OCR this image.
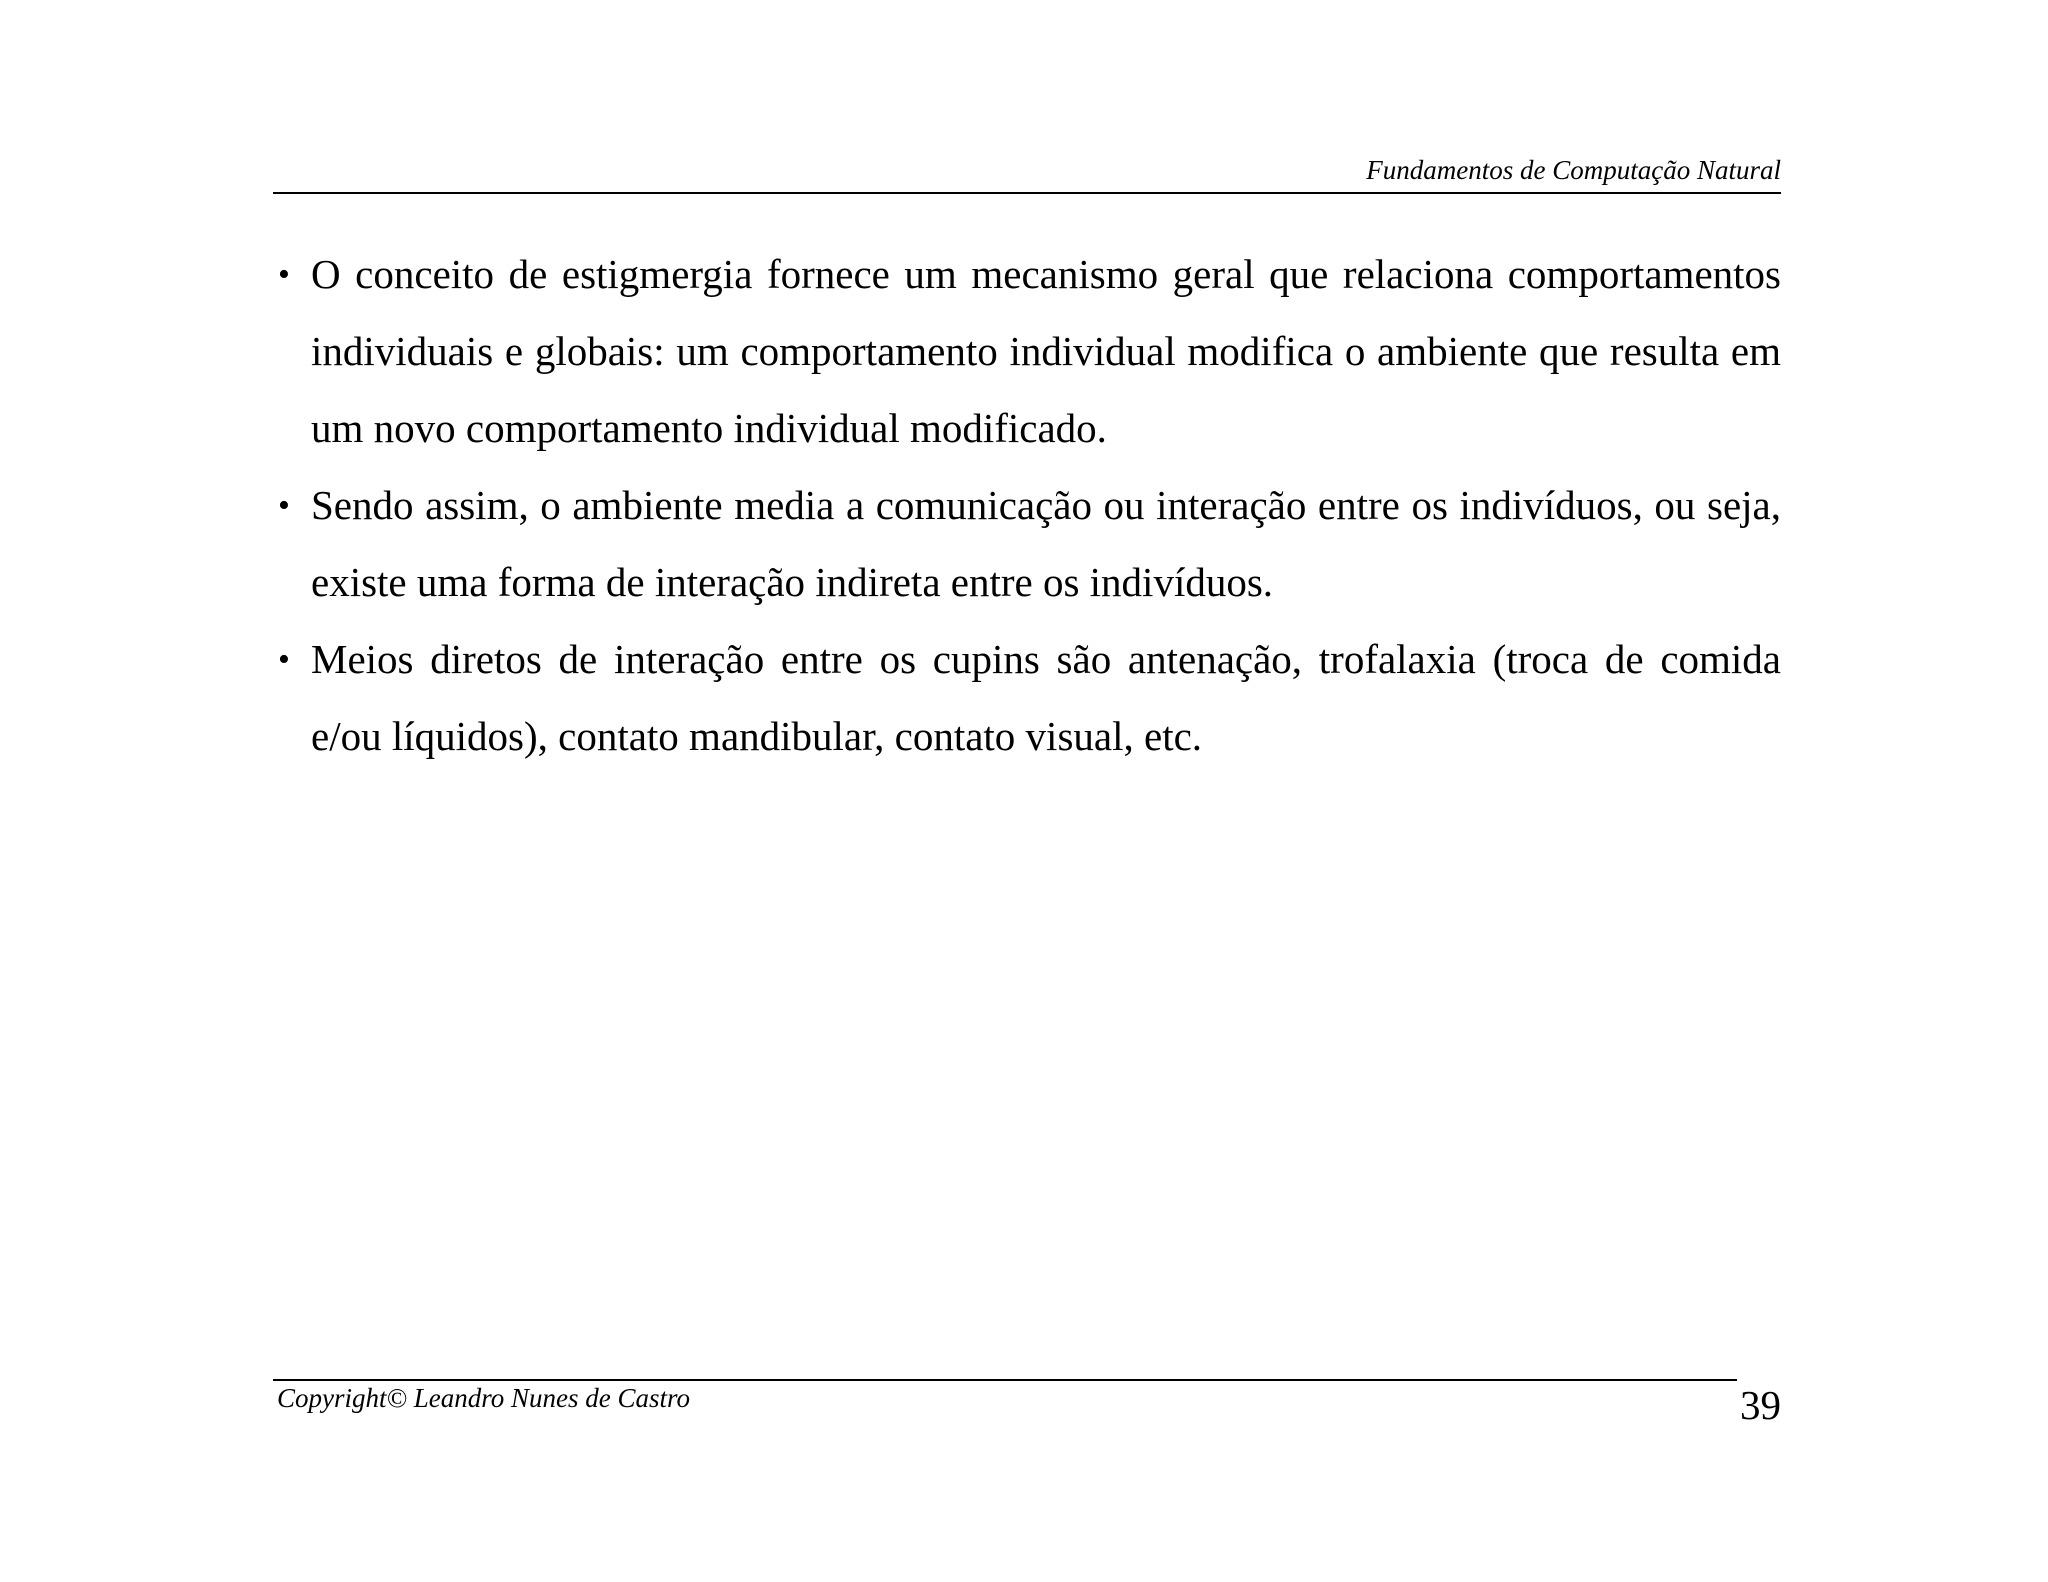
Fundamentos de Computação Natural
• O conceito de estigmergia fornece um mecanismo geral que relaciona comportamentos individuais e globais: um comportamento individual modifica o ambiente que resulta em um novo comportamento individual modificado.
• Sendo assim, o ambiente media a comunicação ou interação entre os indivíduos, ou seja, existe uma forma de interação indireta entre os indivíduos.
• Meios diretos de interação entre os cupins são antenação, trofalaxia (troca de comida e/ou líquidos), contato mandibular, contato visual, etc.
Copyright© Leandro Nunes de Castro	39
